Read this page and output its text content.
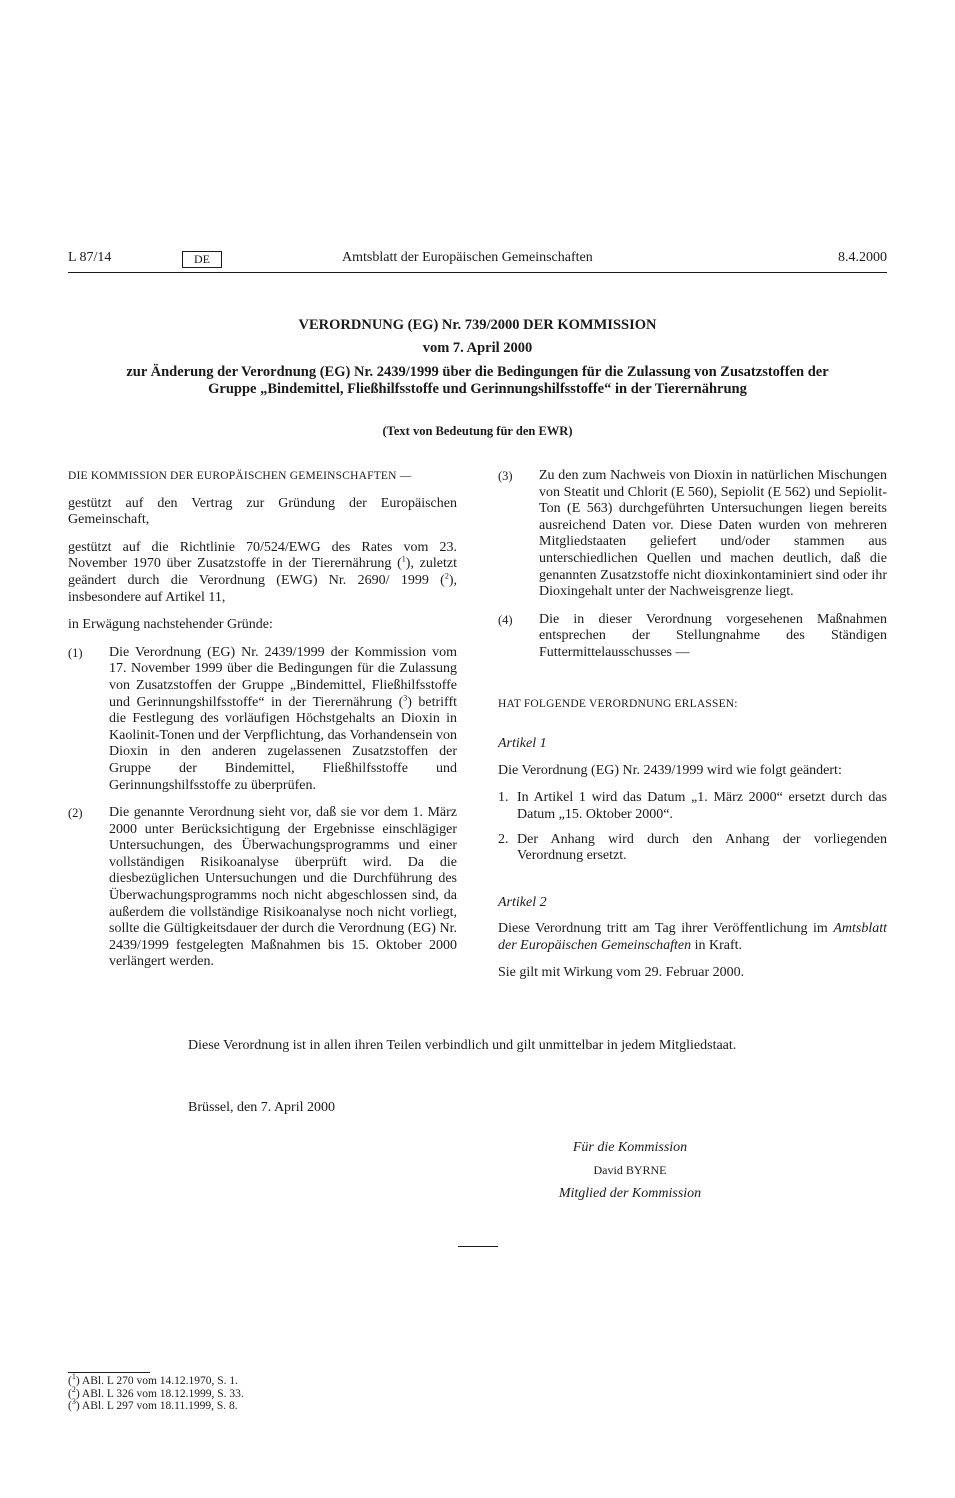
L 87/14	DE	Amtsblatt der Europäischen Gemeinschaften	8.4.2000
VERORDNUNG (EG) Nr. 739/2000 DER KOMMISSION
vom 7. April 2000
zur Änderung der Verordnung (EG) Nr. 2439/1999 über die Bedingungen für die Zulassung von Zusatzstoffen der Gruppe „Bindemittel, Fließhilfsstoffe und Gerinnungshilfsstoffe“ in der Tierernährung
(Text von Bedeutung für den EWR)

DIE KOMMISSION DER EUROPÄISCHEN GEMEINSCHAFTEN —

gestützt auf den Vertrag zur Gründung der Europäischen Gemeinschaft,

gestützt auf die Richtlinie 70/524/EWG des Rates vom 23. November 1970 über Zusatzstoffe in der Tierernährung ($^1$), zuletzt geändert durch die Verordnung (EWG) Nr. 2690/ 1999 ($^2$), insbesondere auf Artikel 11,

in Erwägung nachstehender Gründe:

(1)	Die Verordnung (EG) Nr. 2439/1999 der Kommission vom 17. November 1999 über die Bedingungen für die Zulassung von Zusatzstoffen der Gruppe „Bindemittel, Fließhilfsstoffe und Gerinnungshilfsstoffe“ in der Tierernährung ($^3$) betrifft die Festlegung des vorläufigen Höchstgehalts an Dioxin in Kaolinit-Tonen und der Verpflichtung, das Vorhandensein von Dioxin in den anderen zugelassenen Zusatzstoffen der Gruppe der Bindemittel, Fließhilfsstoffe und Gerinnungshilfsstoffe zu überprüfen.
(2)	Die genannte Verordnung sieht vor, daß sie vor dem 1. März 2000 unter Berücksichtigung der Ergebnisse einschlägiger Untersuchungen, des Überwachungsprogramms und einer vollständigen Risikoanalyse überprüft wird. Da die diesbezüglichen Untersuchungen und die Durchführung des Überwachungsprogramms noch nicht abgeschlossen sind, da außerdem die vollständige Risikoanalyse noch nicht vorliegt, sollte die Gültigkeitsdauer der durch die Verordnung (EG) Nr. 2439/1999 festgelegten Maßnahmen bis 15. Oktober 2000 verlängert werden.
(3)	Zu den zum Nachweis von Dioxin in natürlichen Mischungen von Steatit und Chlorit (E 560), Sepiolit (E 562) und Sepiolit-Ton (E 563) durchgeführten Untersuchungen liegen bereits ausreichend Daten vor. Diese Daten wurden von mehreren Mitgliedstaaten geliefert und/oder stammen aus unterschiedlichen Quellen und machen deutlich, daß die genannten Zusatzstoffe nicht dioxinkontaminiert sind oder ihr Dioxingehalt unter der Nachweisgrenze liegt.
(4)	Die in dieser Verordnung vorgesehenen Maßnahmen entsprechen der Stellungnahme des Ständigen Futtermittelausschusses —

HAT FOLGENDE VERORDNUNG ERLASSEN:

Artikel 1

Die Verordnung (EG) Nr. 2439/1999 wird wie folgt geändert:

1. In Artikel 1 wird das Datum „1. März 2000“ ersetzt durch das Datum „15. Oktober 2000“.
2. Der Anhang wird durch den Anhang der vorliegenden Verordnung ersetzt.

Artikel 2

Diese Verordnung tritt am Tag ihrer Veröffentlichung im Amtsblatt der Europäischen Gemeinschaften in Kraft.

Sie gilt mit Wirkung vom 29. Februar 2000.

Diese Verordnung ist in allen ihren Teilen verbindlich und gilt unmittelbar in jedem Mitgliedstaat.
Brüssel, den 7. April 2000
Für die Kommission
David BYRNE
Mitglied der Kommission
($^1$) ABl. L 270 vom 14.12.1970, S. 1.
($^2$) ABl. L 326 vom 18.12.1999, S. 33.
($^3$) ABl. L 297 vom 18.11.1999, S. 8.
